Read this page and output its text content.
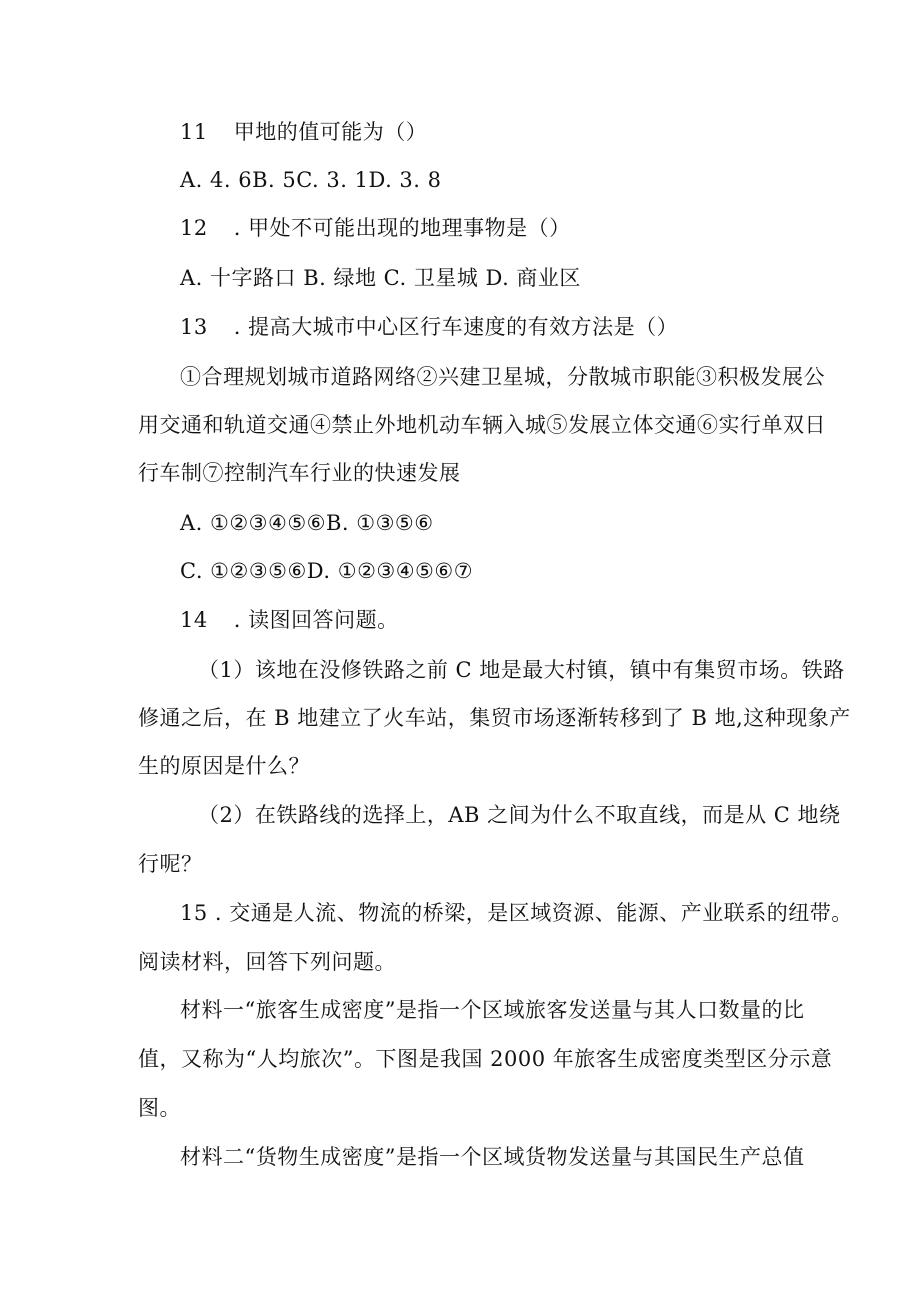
11 甲地的值可能为（）
A. 4. 6B. 5C. 3. 1D. 3. 8
12 . 甲处不可能出现的地理事物是（）
A. 十字路口 B. 绿地 C. 卫星城 D. 商业区
13 . 提高大城市中心区行车速度的有效方法是（）
①合理规划城市道路网络②兴建卫星城，分散城市职能③积极发展公
用交通和轨道交通④禁止外地机动车辆入城⑤发展立体交通⑥实行单双日
行车制⑦控制汽车行业的快速发展
A. ①②③④⑤⑥B. ①③⑤⑥
C. ①②③⑤⑥D. ①②③④⑤⑥⑦
14 . 读图回答问题。
（1）该地在没修铁路之前 C 地是最大村镇，镇中有集贸市场。铁路
修通之后，在 B 地建立了火车站，集贸市场逐渐转移到了 B 地,这种现象产
生的原因是什么？
（2）在铁路线的选择上，AB 之间为什么不取直线，而是从 C 地绕
行呢？
15 . 交通是人流、物流的桥梁，是区域资源、能源、产业联系的纽带。
阅读材料，回答下列问题。
材料一“旅客生成密度”是指一个区域旅客发送量与其人口数量的比
值，又称为“人均旅次”。下图是我国 2000 年旅客生成密度类型区分示意
图。
材料二“货物生成密度”是指一个区域货物发送量与其国民生产总值
